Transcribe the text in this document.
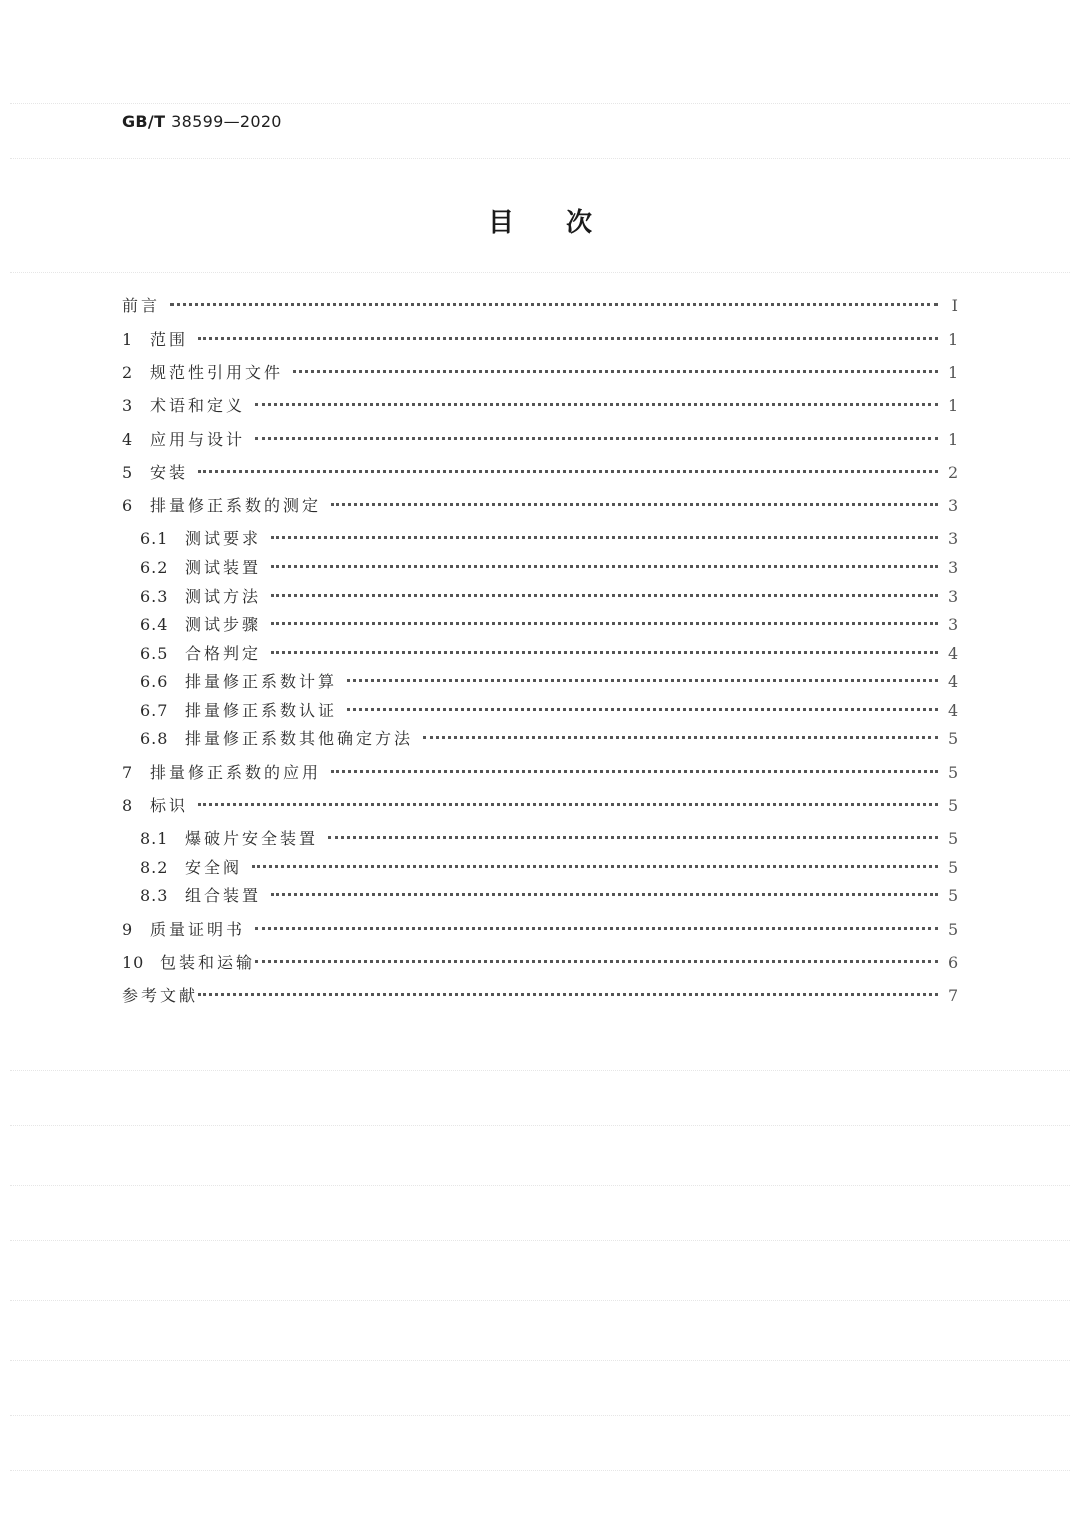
GB/T 38599—2020
目次
前言	Ⅰ
1	范围	1
2	规范性引用文件	1
3	术语和定义	1
4	应用与设计	1
5	安装	2
6	排量修正系数的测定	3
6.1	测试要求	3
6.2	测试装置	3
6.3	测试方法	3
6.4	测试步骤	3
6.5	合格判定	4
6.6	排量修正系数计算	4
6.7	排量修正系数认证	4
6.8	排量修正系数其他确定方法	5
7	排量修正系数的应用	5
8	标识	5
8.1	爆破片安全装置	5
8.2	安全阀	5
8.3	组合装置	5
9	质量证明书	5
10 包装和运输	6
参考文献	7
